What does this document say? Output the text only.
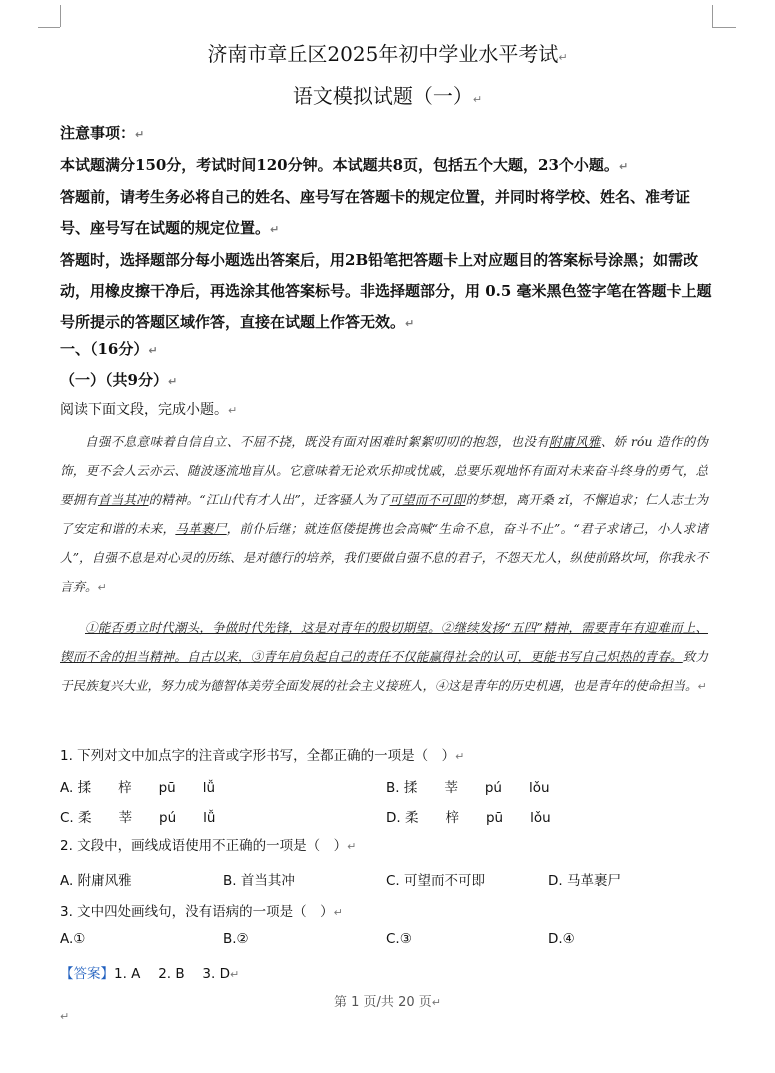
济南市章丘区2025年初中学业水平考试↵
语文模拟试题（一）↵

注意事项：↵

本试题满分150分，考试时间120分钟。本试题共8页，包括五个大题，23个小题。↵

答题前，请考生务必将自己的姓名、座号写在答题卡的规定位置，并同时将学校、姓名、准考证号、座号写在试题的规定位置。↵

答题时，选择题部分每小题选出答案后，用2B铅笔把答题卡上对应题目的答案标号涂黑；如需改动，用橡皮擦干净后，再选涂其他答案标号。非选择题部分，用 0.5 毫米黑色签字笔在答题卡上题号所提示的答题区域作答，直接在试题上作答无效。↵

一、（16分）↵
（一）（共9分）↵
阅读下面文段，完成小题。↵

自强不息意味着自信自立、不屈不挠，既没有面对困难时絮絮叨叨的抱怨，也没有附庸风雅、娇 róu 造作的伪饰，更不会人云亦云、随波逐流地盲从。它意味着无论欢乐抑或忧戚，总要乐观地怀有面对未来奋斗终身的勇气，总要拥有首当其冲的精神。“江山代有才人出”，迁客骚人为了可望而不可即的梦想，离开桑 zǐ，不懈追求；仁人志士为了安定和谐的未来，马革裹尸，前仆后继；就连伛偻提携也会高喊“生命不息，奋斗不止”。“君子求诸己，小人求诸人”，自强不息是对心灵的历练、是对德行的培养，我们要做自强不息的君子，不怨天尤人，纵使前路坎坷，你我永不言弃。↵

①能否勇立时代潮头，争做时代先锋，这是对青年的殷切期望。②继续发扬“五四”精神，需要青年有迎难而上、锲而不舍的担当精神。自古以来，③青年肩负起自己的责任不仅能赢得社会的认可，更能书写自己炽热的青春。致力于民族复兴大业，努力成为德智体美劳全面发展的社会主义接班人，④这是青年的历史机遇，也是青年的使命担当。↵

1. 下列对文中加点字的注音或字形书写，全都正确的一项是（　）↵
A. 揉　　梓　　pū　　lǚ	B. 揉　　莘　　pú　　lǒu
C. 柔　　莘　　pú　　lǚ	D. 柔　　梓　　pū　　lǒu
2. 文段中，画线成语使用不正确的一项是（　）↵
A. 附庸风雅	B. 首当其冲	C. 可望而不可即	D. 马革裹尸
3. 文中四处画线句，没有语病的一项是（　）↵
A.①	B.②	C.③	D.④
【答案】1. A　 2. B　 3. D↵
第 1 页/共 20 页↵
↵
